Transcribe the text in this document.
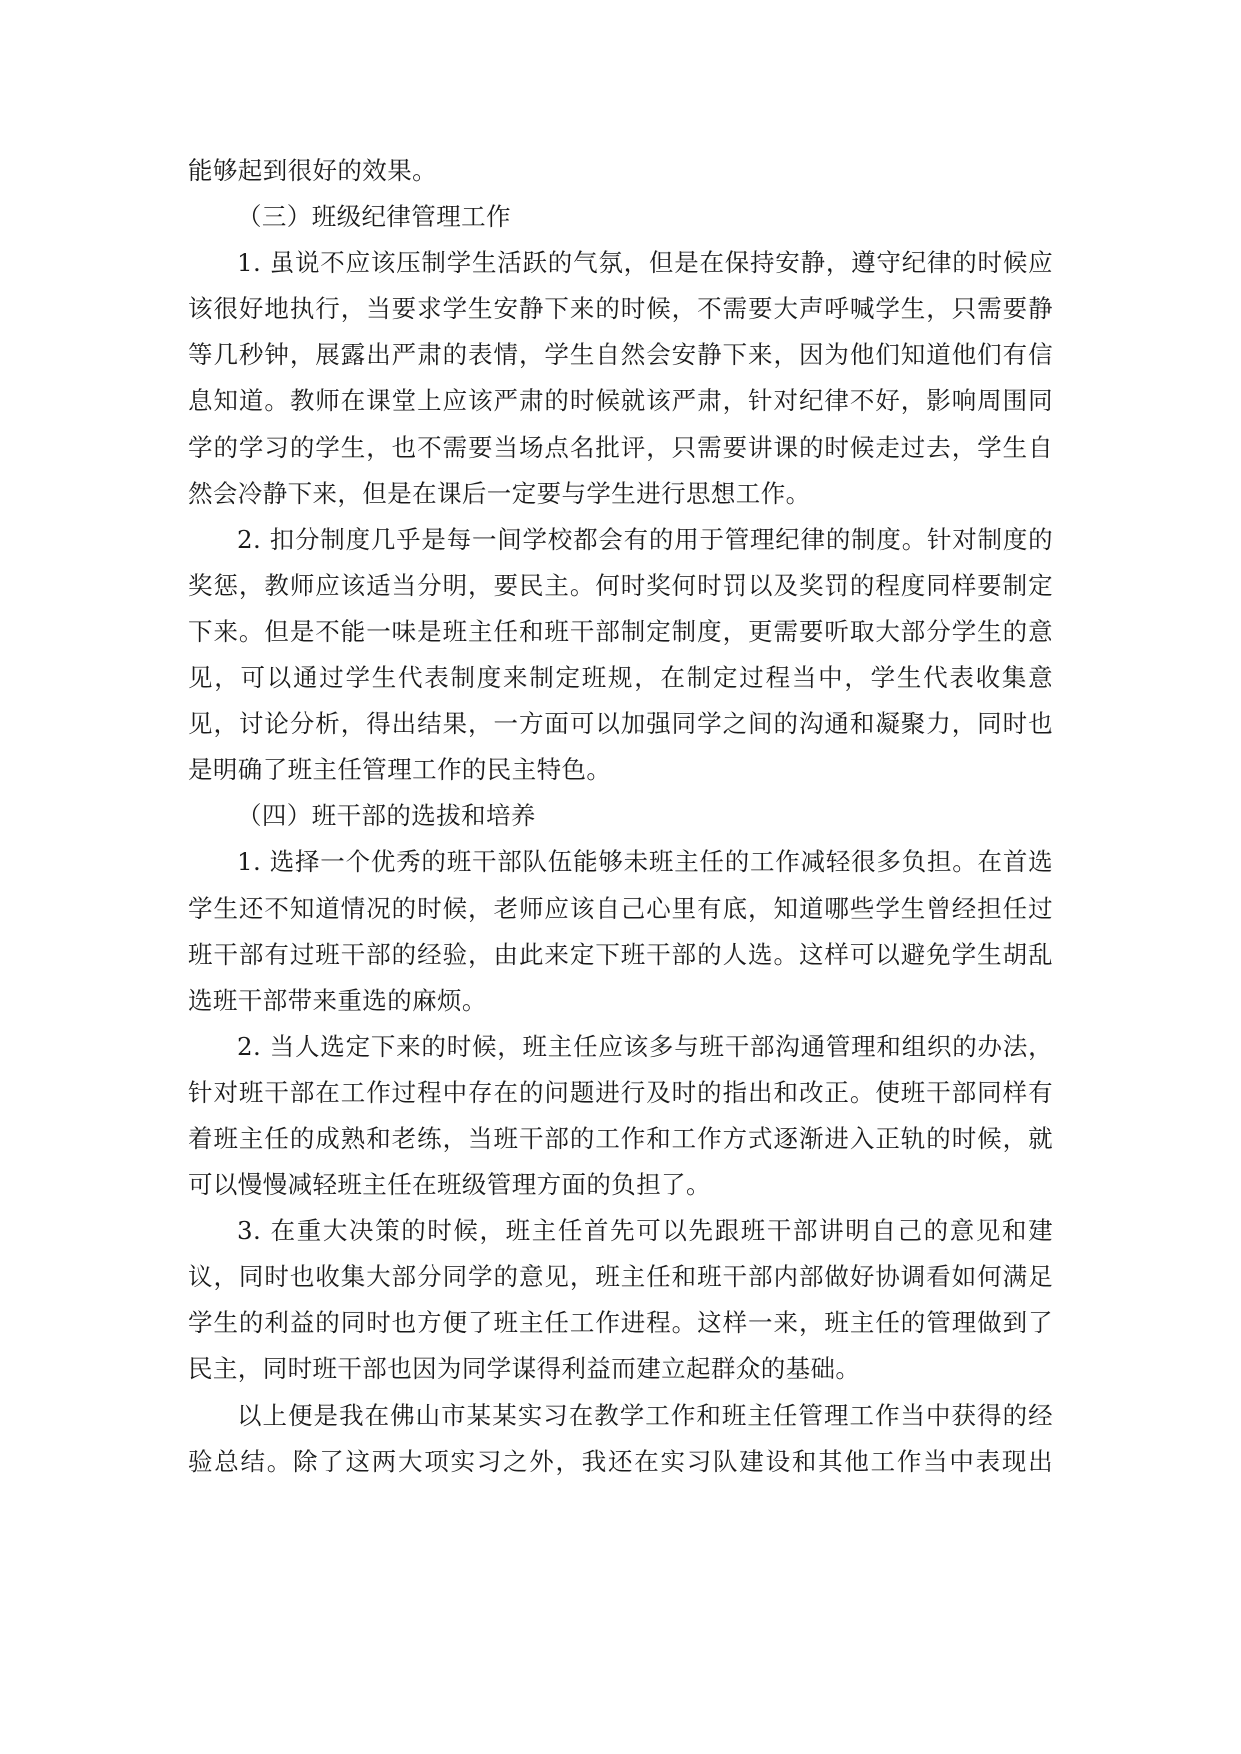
能够起到很好的效果。
（三）班级纪律管理工作
1. 虽说不应该压制学生活跃的气氛，但是在保持安静，遵守纪律的时候应
该很好地执行，当要求学生安静下来的时候，不需要大声呼喊学生，只需要静
等几秒钟，展露出严肃的表情，学生自然会安静下来，因为他们知道他们有信
息知道。教师在课堂上应该严肃的时候就该严肃，针对纪律不好，影响周围同
学的学习的学生，也不需要当场点名批评，只需要讲课的时候走过去，学生自
然会冷静下来，但是在课后一定要与学生进行思想工作。
2. 扣分制度几乎是每一间学校都会有的用于管理纪律的制度。针对制度的
奖惩，教师应该适当分明，要民主。何时奖何时罚以及奖罚的程度同样要制定
下来。但是不能一味是班主任和班干部制定制度，更需要听取大部分学生的意
见，可以通过学生代表制度来制定班规，在制定过程当中，学生代表收集意
见，讨论分析，得出结果，一方面可以加强同学之间的沟通和凝聚力，同时也
是明确了班主任管理工作的民主特色。
（四）班干部的选拔和培养
1. 选择一个优秀的班干部队伍能够未班主任的工作减轻很多负担。在首选
学生还不知道情况的时候，老师应该自己心里有底，知道哪些学生曾经担任过
班干部有过班干部的经验，由此来定下班干部的人选。这样可以避免学生胡乱
选班干部带来重选的麻烦。
2. 当人选定下来的时候，班主任应该多与班干部沟通管理和组织的办法，
针对班干部在工作过程中存在的问题进行及时的指出和改正。使班干部同样有
着班主任的成熟和老练，当班干部的工作和工作方式逐渐进入正轨的时候，就
可以慢慢减轻班主任在班级管理方面的负担了。
3. 在重大决策的时候，班主任首先可以先跟班干部讲明自己的意见和建
议，同时也收集大部分同学的意见，班主任和班干部内部做好协调看如何满足
学生的利益的同时也方便了班主任工作进程。这样一来，班主任的管理做到了
民主，同时班干部也因为同学谋得利益而建立起群众的基础。
以上便是我在佛山市某某实习在教学工作和班主任管理工作当中获得的经
验总结。除了这两大项实习之外，我还在实习队建设和其他工作当中表现出
